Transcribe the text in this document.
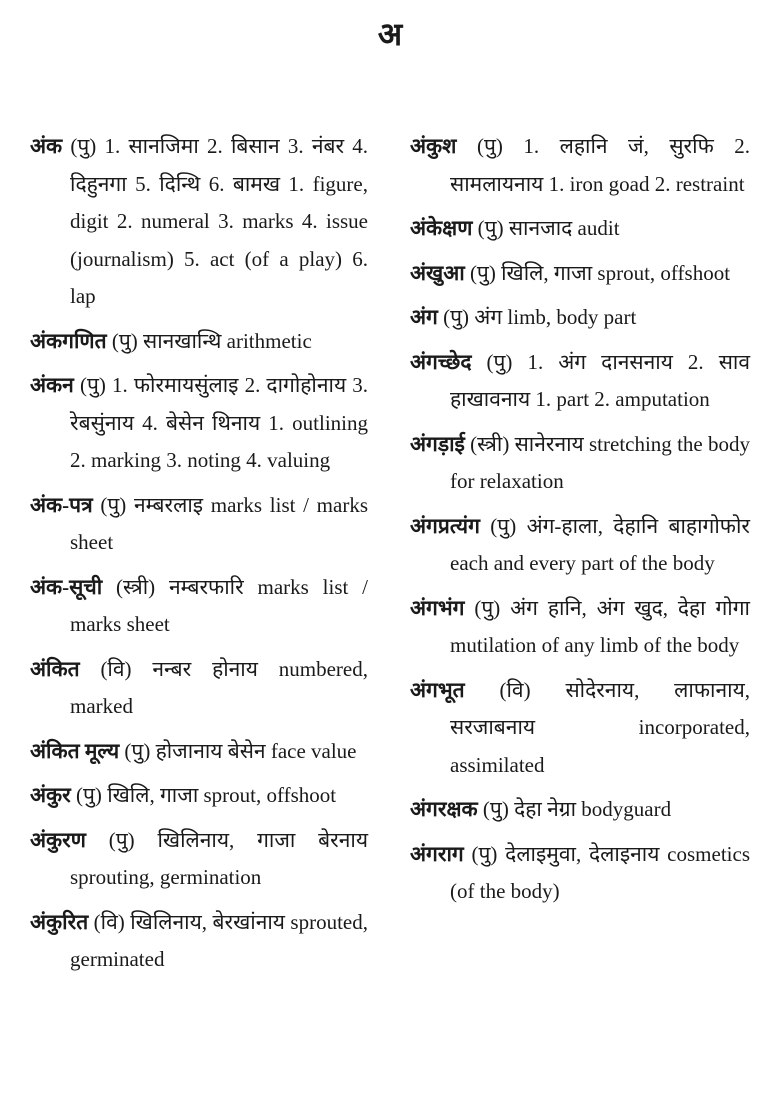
अ
अंक (पु) 1. सानजिमा 2. बिसान 3. नंबर 4. दिहुनगा 5. दिन्थि 6. बामख 1. figure, digit 2. numeral 3. marks 4. issue (journalism) 5. act (of a play) 6. lap
अंकगणित (पु) सानखान्थि arithmetic
अंकन (पु) 1. फोरमायसुंलाइ 2. दागोहोनाय 3. रेबसुंनाय 4. बेसेन थिनाय 1. outlining 2. marking 3. noting 4. valuing
अंक-पत्र (पु) नम्बरलाइ marks list / marks sheet
अंक-सूची (स्त्री) नम्बरफारि marks list / marks sheet
अंकित (वि) नन्बर होनाय numbered, marked
अंकित मूल्य (पु) होजानाय बेसेन face value
अंकुर (पु) खिलि, गाजा sprout, offshoot
अंकुरण (पु) खिलिनाय, गाजा बेरनाय sprouting, germination
अंकुरित (वि) खिलिनाय, बेरखांनाय sprouted, germinated
अंकुश (पु) 1. लहानि जं, सुरफि 2. सामलायनाय 1. iron goad 2. restraint
अंकेक्षण (पु) सानजाद audit
अंखुआ (पु) खिलि, गाजा sprout, offshoot
अंग (पु) अंग limb, body part
अंगच्छेद (पु) 1. अंग दानसनाय 2. साव हाखावनाय 1. part 2. amputation
अंगड़ाई (स्त्री) सानेरनाय stretching the body for relaxation
अंगप्रत्यंग (पु) अंग-हाला, देहानि बाहागोफोर each and every part of the body
अंगभंग (पु) अंग हानि, अंग खुद, देहा गोगा mutilation of any limb of the body
अंगभूत (वि) सोदेरनाय, लाफानाय, सरजाबनाय incorporated, assimilated
अंगरक्षक (पु) देहा नेग्रा bodyguard
अंगराग (पु) देलाइमुवा, देलाइनाय cosmetics (of the body)
